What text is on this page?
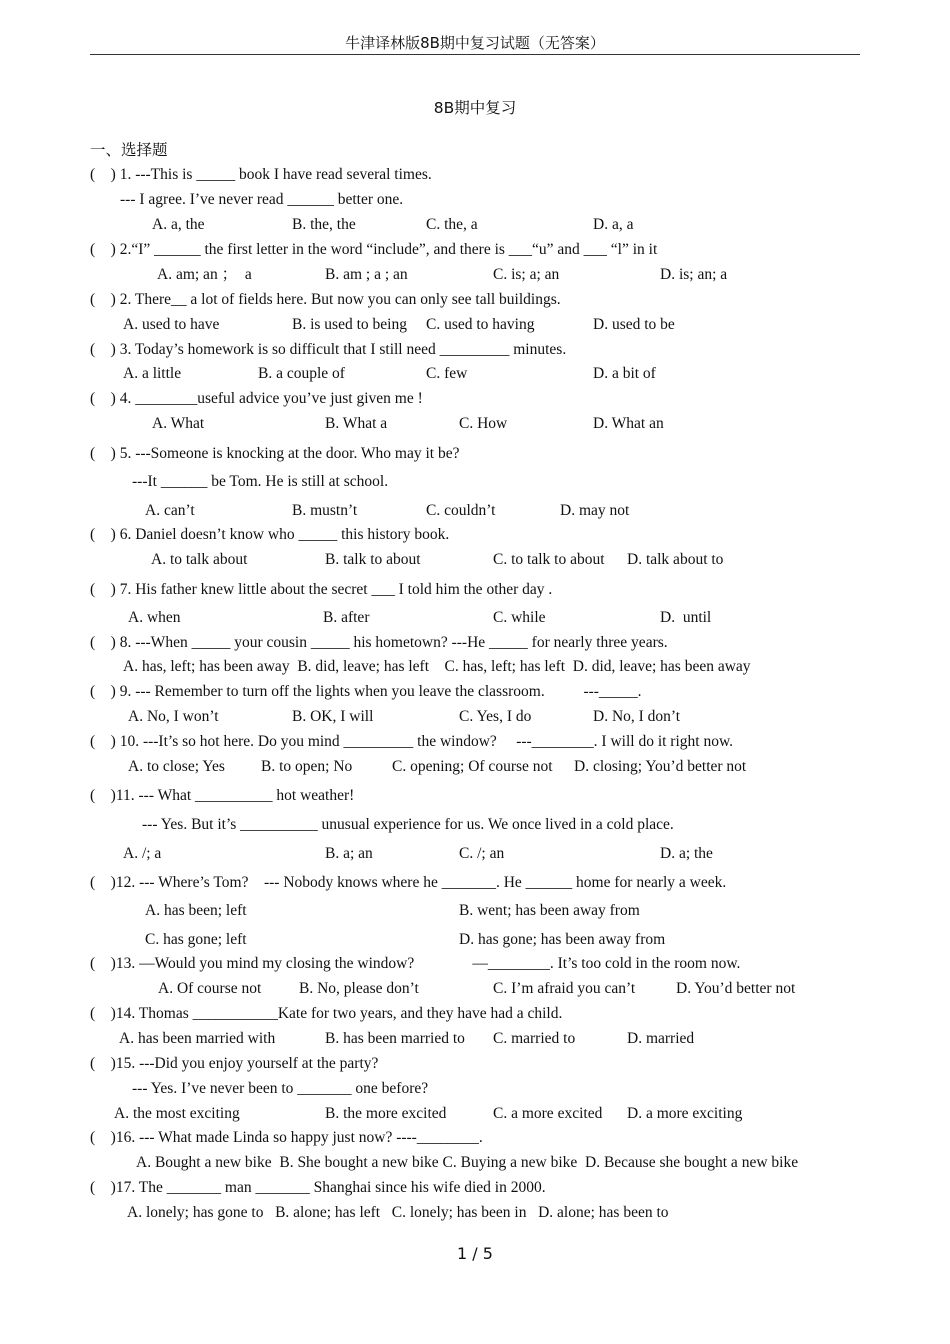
牛津译林版8B期中复习试题（无答案）
8B期中复习
一、选择题
(    ) 1. ---This is _____ book I have read several times.
--- I agree. I’ve never read ______ better one.
A. a, the	B. the, the	C. the, a	D. a, a
(    ) 2.“I” ______ the first letter in the word “include”, and there is ___“u” and ___ “l” in it
A. am; an ；  a	B. am ; a ; an	C. is; a; an	D. is; an; a
(    ) 2. There__ a lot of fields here. But now you can only see tall buildings.
A. used to have	B. is used to being C. used to having	D. used to be
(    ) 3. Today’s homework is so difficult that I still need _________ minutes.
A. a little	B. a couple of	C. few	D. a bit of
(    ) 4. ________useful advice you’ve just given me !
A. What	B. What a	C. How	D. What an
(    ) 5. ---Someone is knocking at the door. Who may it be?
---It ______ be Tom. He is still at school.
A. can’t	B. mustn’t	C. couldn’t	D. may not
(    ) 6. Daniel doesn’t know who _____ this history book.
A. to talk about	B. talk to about	C. to talk to about D. talk about to
(    ) 7. His father knew little about the secret ___ I told him the other day .
A. when	B. after	C. while	D.  until
(    ) 8. ---When _____ your cousin _____ his hometown? ---He _____ for nearly three years.
A. has, left; has been away  B. did, leave; has left    C. has, left; has left  D. did, leave; has been away
(    ) 9. --- Remember to turn off the lights when you leave the classroom.          ---_____.
A. No, I won’t	B. OK, I will	C. Yes, I do	D. No, I don’t
(    ) 10. ---It’s so hot here. Do you mind _________ the window?     ---________. I will do it right now.
A. to close; Yes B. to open; No	C. opening; Of course not D. closing; You’d better not
(    )11. --- What __________ hot weather!
--- Yes. But it’s __________ unusual experience for us. We once lived in a cold place.
A. /; a	B. a; an	C. /; an	D. a; the
(    )12. --- Where’s Tom?    --- Nobody knows where he _______. He ______ home for nearly a week.
A. has been; left	B. went; has been away from
C. has gone; left	D. has gone; has been away from
(    )13. —Would you mind my closing the window?               —________. It’s too cold in the room now.
A. Of course not B. No, please don’t	C. I’m afraid you can’t	D. You’d better not
(    )14. Thomas ___________Kate for two years, and they have had a child.
A. has been married with	B. has been married to C. married to	D. married
(    )15. ---Did you enjoy yourself at the party?
--- Yes. I’ve never been to _______ one before?
A. the most exciting	B. the more excited	C. a more excited D. a more exciting
(    )16. --- What made Linda so happy just now? ----________.
A. Bought a new bike  B. She bought a new bike C. Buying a new bike  D. Because she bought a new bike
(    )17. The _______ man _______ Shanghai since his wife died in 2000.
A. lonely; has gone to   B. alone; has left   C. lonely; has been in   D. alone; has been to
1 / 5
